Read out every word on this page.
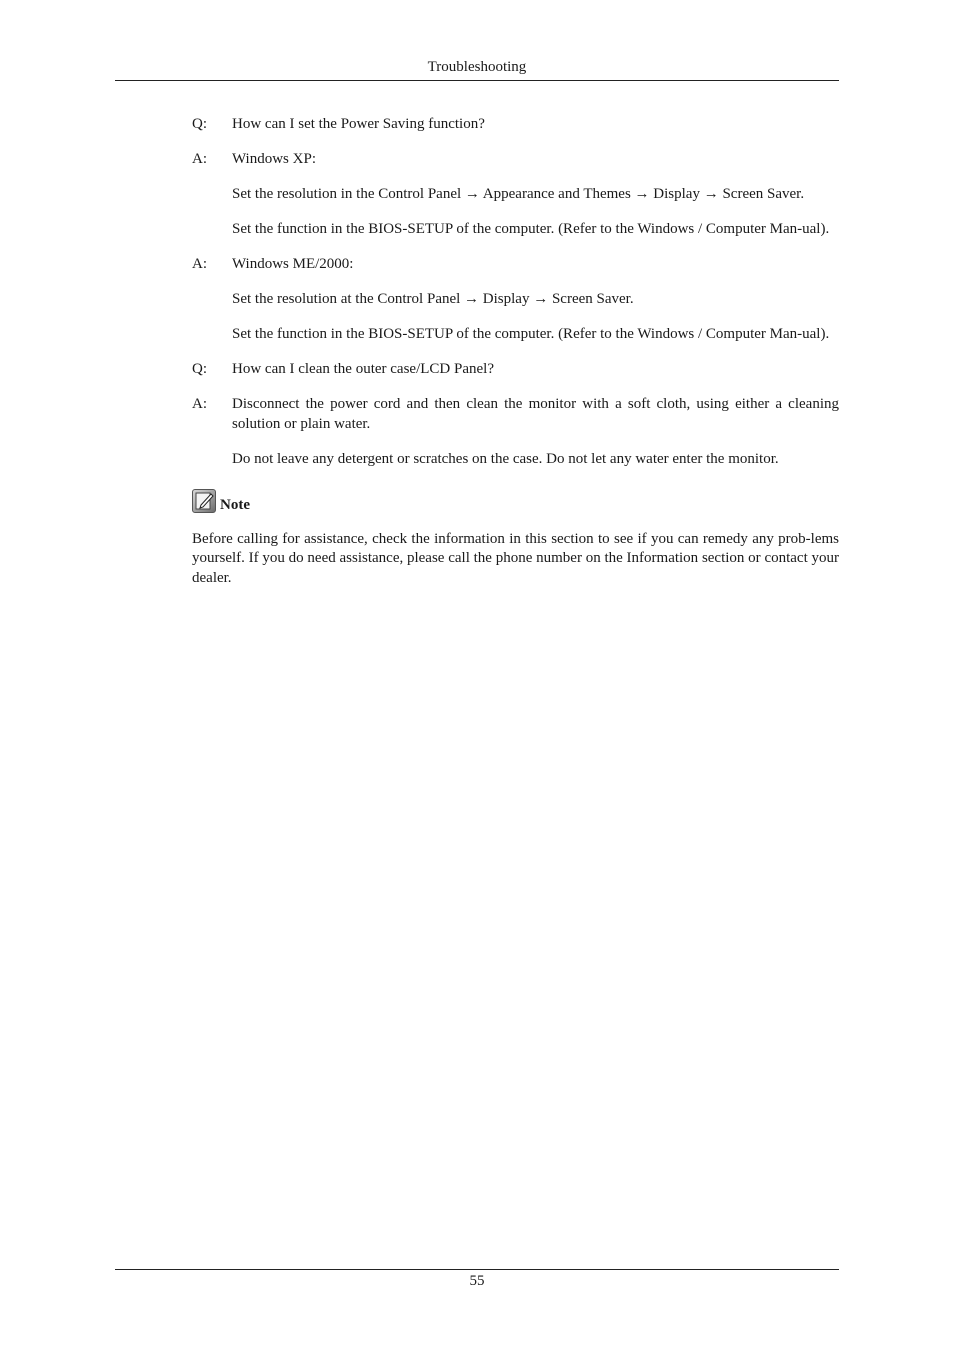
Troubleshooting
Q:	How can I set the Power Saving function?
A:	Windows XP:
Set the resolution in the Control Panel → Appearance and Themes → Display → Screen Saver.
Set the function in the BIOS-SETUP of the computer. (Refer to the Windows / Computer Man-ual).
A:	Windows ME/2000:
Set the resolution at the Control Panel → Display → Screen Saver.
Set the function in the BIOS-SETUP of the computer. (Refer to the Windows / Computer Man-ual).
Q:	How can I clean the outer case/LCD Panel?
A:	Disconnect the power cord and then clean the monitor with a soft cloth, using either a cleaning solution or plain water.
Do not leave any detergent or scratches on the case. Do not let any water enter the monitor.
Note
Before calling for assistance, check the information in this section to see if you can remedy any prob-lems yourself. If you do need assistance, please call the phone number on the Information section or contact your dealer.
55
